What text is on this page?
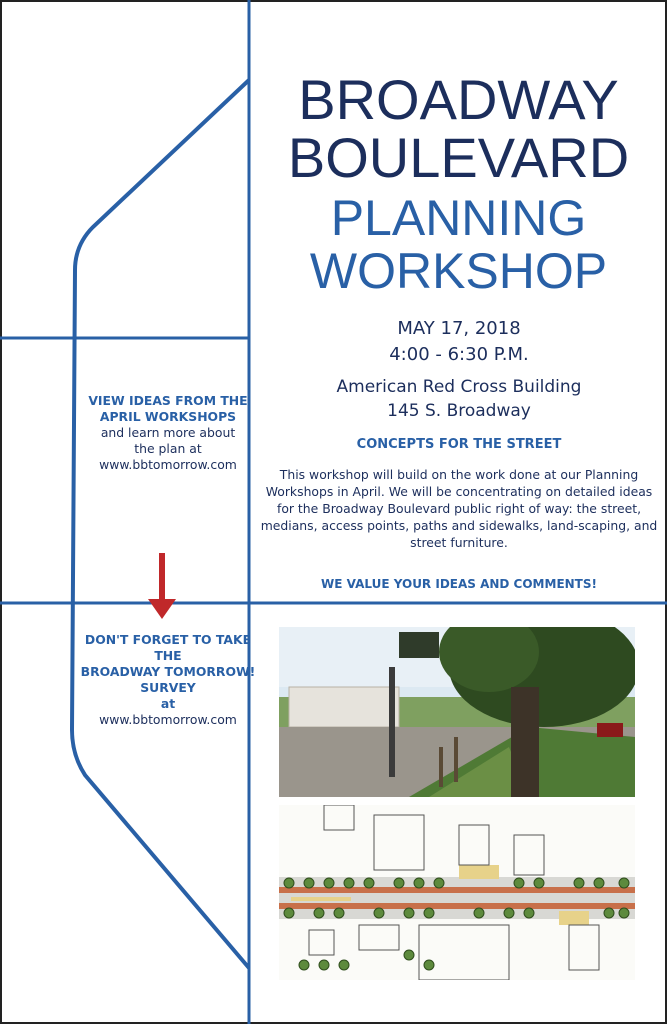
BROADWAY
BOULEVARD
PLANNING
WORKSHOP
MAY 17, 2018
4:00 - 6:30 P.M.
American Red Cross Building
145 S. Broadway
CONCEPTS FOR THE STREET
This workshop will build on the work done at our Planning Workshops in April. We will be concentrating on detailed ideas for the Broadway Boulevard public right of way: the street, medians, access points, paths and sidewalks, land-scaping, and street furniture.
WE VALUE YOUR IDEAS AND COMMENTS!
VIEW IDEAS FROM THE
APRIL WORKSHOPS
and learn more about
the plan at
www.bbtomorrow.com
DON'T FORGET TO TAKE
THE
BROADWAY TOMORROW!
SURVEY
at
www.bbtomorrow.com
